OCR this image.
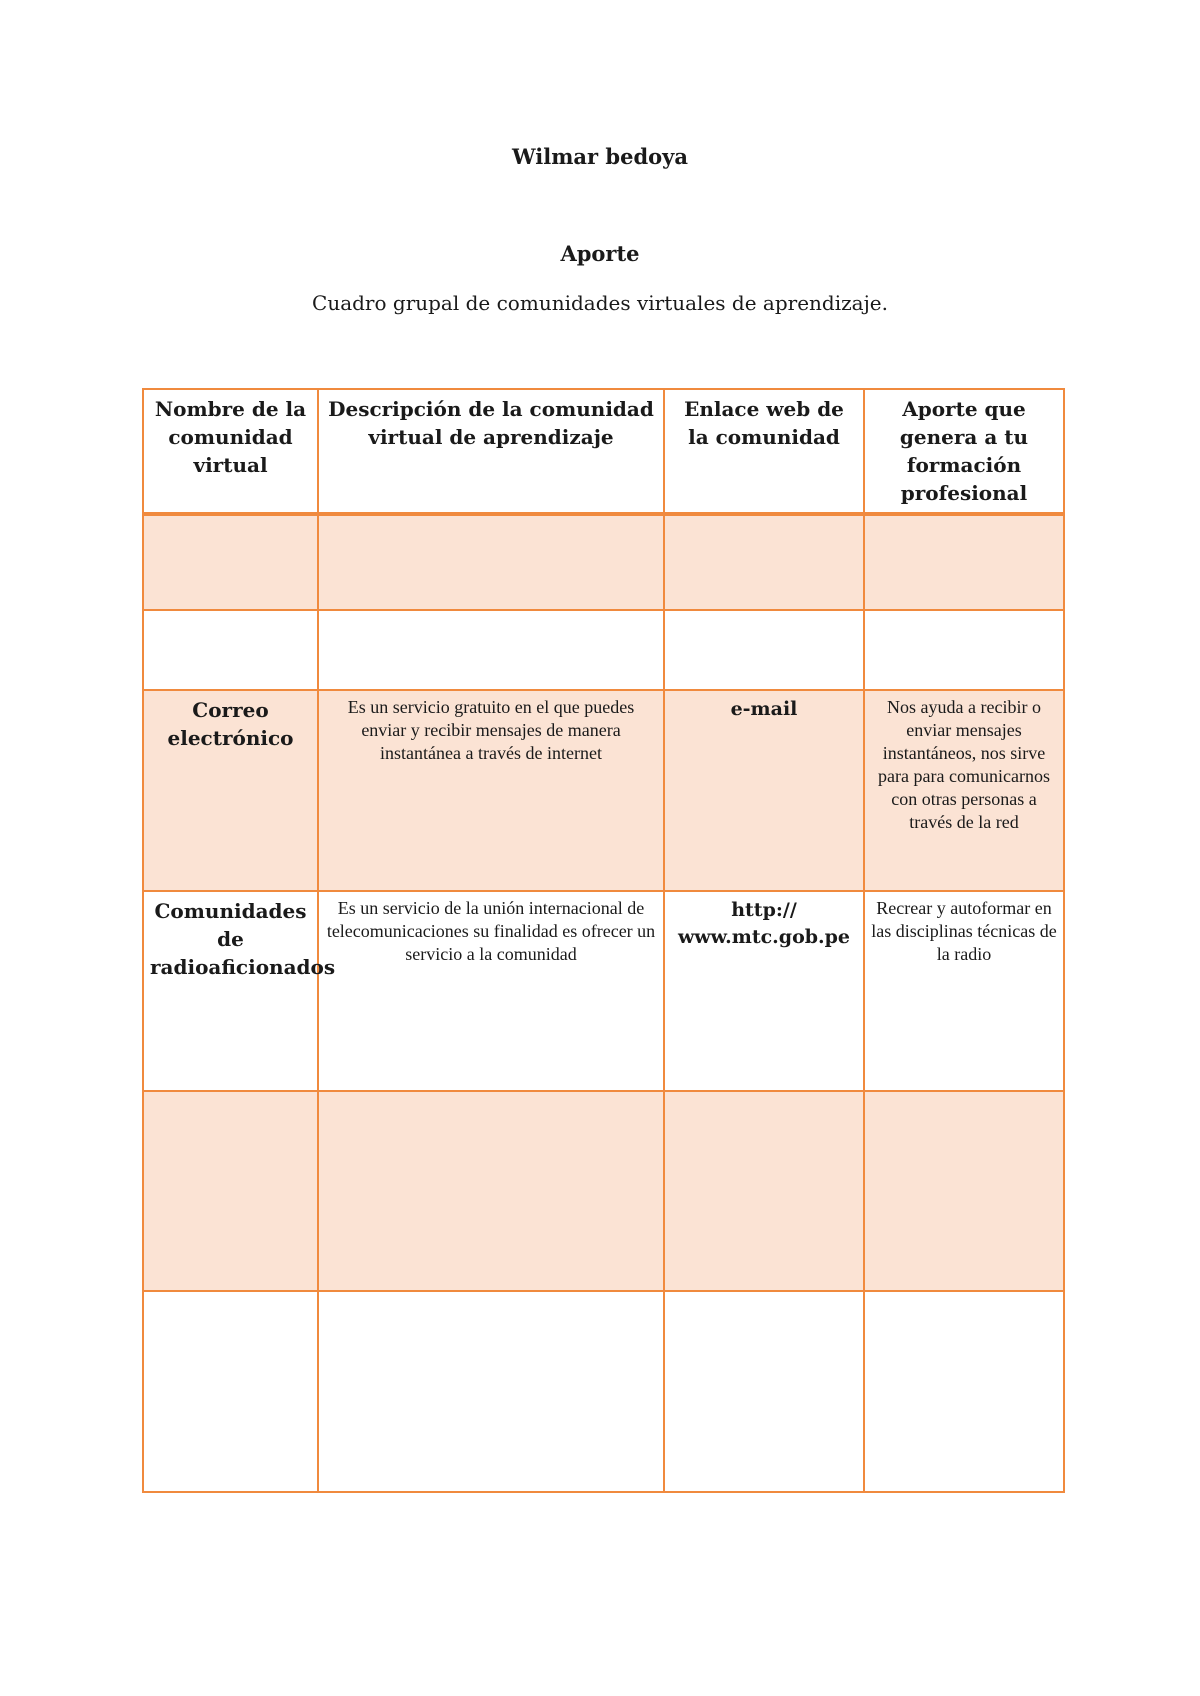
Wilmar bedoya
Aporte
Cuadro grupal de comunidades virtuales de aprendizaje.
Nombre de la comunidad virtual	Descripción de la comunidad virtual de aprendizaje	Enlace web de la comunidad	Aporte que genera a tu formación profesional

Correo electrónico	Es un servicio gratuito en el que puedes enviar y recibir mensajes de manera instantánea a través de internet	e-mail	Nos ayuda a recibir o enviar mensajes instantáneos, nos sirve para para comunicarnos con otras personas a través de la red
Comunidades de radioaficionados	Es un servicio de la unión internacional de telecomunicaciones su finalidad es ofrecer un servicio a la comunidad	http:// www.mtc.gob.pe	Recrear y autoformar en las disciplinas técnicas de la radio
